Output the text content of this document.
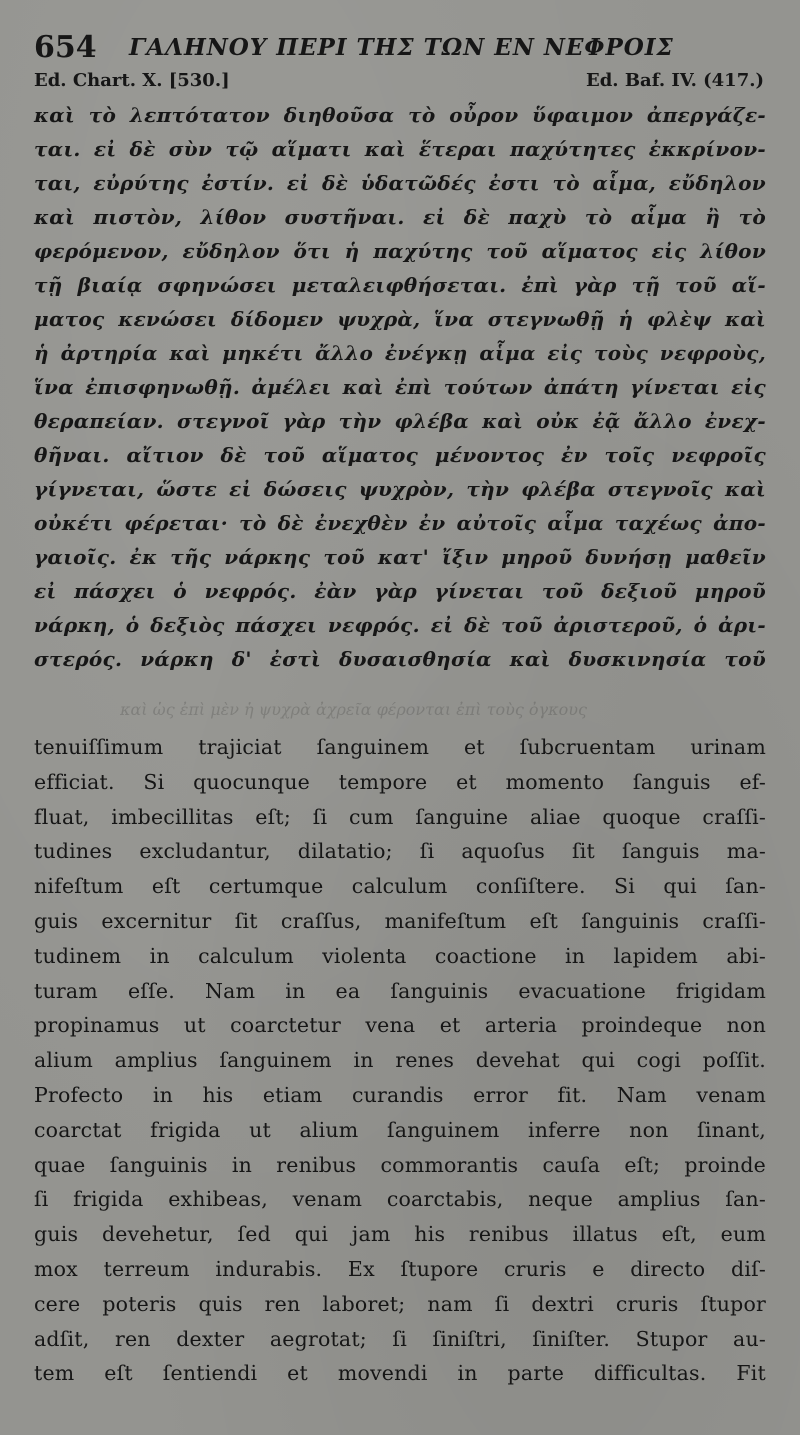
654 ΓΑΛΗΝΟΥ ΠΕΡΙ ΤΗΣ ΤΩΝ ΕΝ ΝΕΦΡΟΙΣ
Ed. Chart. X. [530.]	Ed. Baf. IV. (417.)
καὶ τὸ λεπτότατον διηθοῦσα τὸ οὖρον ὕφαιμον ἀπεργάζε-
ται. εἰ δὲ σὺν τῷ αἵματι καὶ ἕτεραι παχύτητες ἐκκρίνον-
ται, εὐρύτης ἐστίν. εἰ δὲ ὑδατῶδές ἐστι τὸ αἷμα, εὔδηλον
καὶ πιστὸν, λίθον συστῆναι. εἰ δὲ παχὺ τὸ αἷμα ἢ τὸ
φερόμενον, εὔδηλον ὅτι ἡ παχύτης τοῦ αἵματος εἰς λίθον
τῇ βιαίᾳ σφηνώσει μεταλειφθήσεται. ἐπὶ γὰρ τῇ τοῦ αἵ-
ματος κενώσει δίδομεν ψυχρὰ, ἵνα στεγνωθῇ ἡ φλὲψ καὶ
ἡ ἀρτηρία καὶ μηκέτι ἄλλο ἐνέγκῃ αἷμα εἰς τοὺς νεφροὺς,
ἵνα ἐπισφηνωθῇ. ἀμέλει καὶ ἐπὶ τούτων ἀπάτη γίνεται εἰς
θεραπείαν. στεγνοῖ γὰρ τὴν φλέβα καὶ οὐκ ἐᾷ ἄλλο ἐνεχ-
θῆναι. αἴτιον δὲ τοῦ αἵματος μένοντος ἐν τοῖς νεφροῖς
γίγνεται, ὥστε εἰ δώσεις ψυχρὸν, τὴν φλέβα στεγνοῖς καὶ
οὐκέτι φέρεται· τὸ δὲ ἐνεχθὲν ἐν αὐτοῖς αἷμα ταχέως ἀπο-
γαιοῖς. ἐκ τῆς νάρκης τοῦ κατ' ἴξιν μηροῦ δυνήσῃ μαθεῖν
εἰ πάσχει ὁ νεφρός. ἐὰν γὰρ γίνεται τοῦ δεξιοῦ μηροῦ
νάρκη, ὁ δεξιὸς πάσχει νεφρός. εἰ δὲ τοῦ ἀριστεροῦ, ὁ ἀρι-
στερός. νάρκη δ' ἐστὶ δυσαισθησία καὶ δυσκινησία τοῦ
καὶ ὡς ἐπὶ μὲν ἡ ψυχρὰ ἀχρεῖα φέρονται ἐπὶ τοὺς ὀγκους
tenuiſſimum trajiciat ſanguinem et ſubcruentam urinam
efficiat. Si quocunque tempore et momento ſanguis ef-
fluat, imbecillitas eſt; ſi cum ſanguine aliae quoque craſſi-
tudines excludantur, dilatatio; ſi aquoſus ſit ſanguis ma-
nifeſtum eſt certumque calculum conſiſtere. Si qui ſan-
guis excernitur ſit craſſus, manifeſtum eſt ſanguinis craſſi-
tudinem in calculum violenta coactione in lapidem abi-
turam eſſe. Nam in ea ſanguinis evacuatione frigidam
propinamus ut coarctetur vena et arteria proindeque non
alium amplius ſanguinem in renes devehat qui cogi poſſit.
Profecto in his etiam curandis error fit. Nam venam
coarctat frigida ut alium ſanguinem inferre non ſinant,
quae ſanguinis in renibus commorantis cauſa eſt; proinde
ſi frigida exhibeas, venam coarctabis, neque amplius ſan-
guis devehetur, ſed qui jam his renibus illatus eſt, eum
mox terreum indurabis. Ex ſtupore cruris e directo diſ-
cere poteris quis ren laboret; nam ſi dextri cruris ſtupor
adſit, ren dexter aegrotat; ſi ſiniſtri, ſiniſter. Stupor au-
tem eſt ſentiendi et movendi in parte difficultas. Fit
